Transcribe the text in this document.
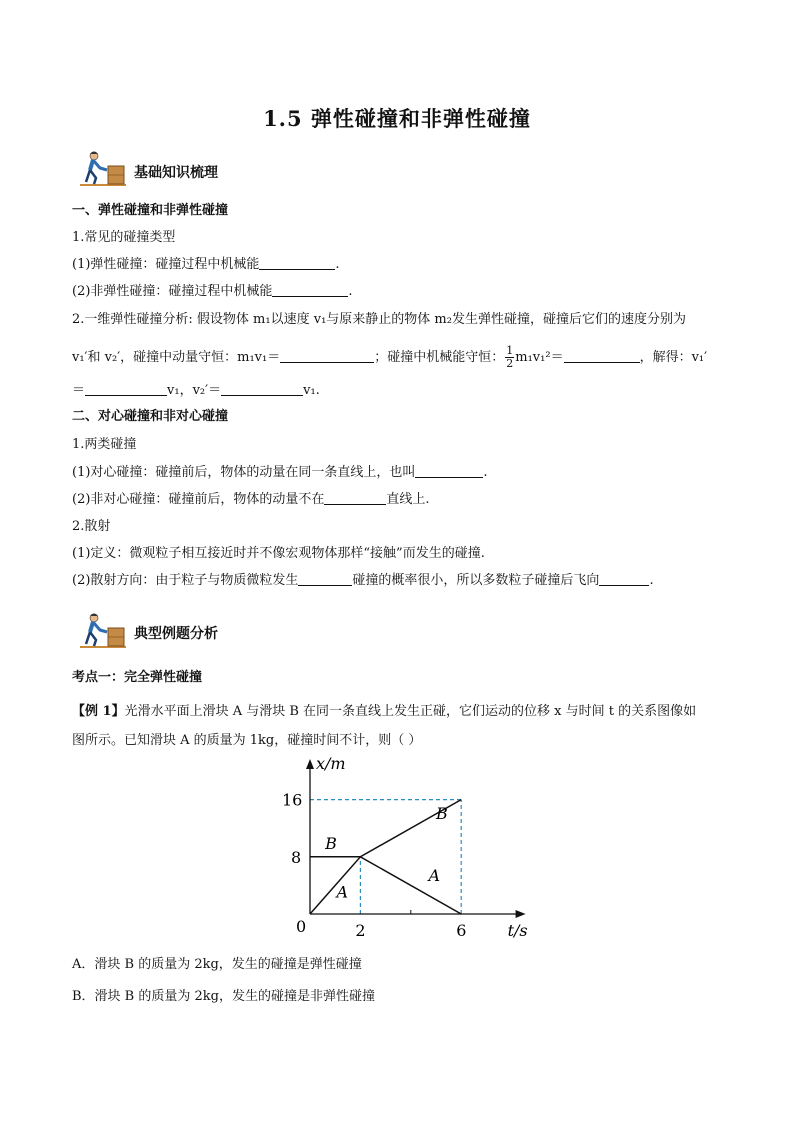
1.5 弹性碰撞和非弹性碰撞
基础知识梳理
一、弹性碰撞和非弹性碰撞
1.常见的碰撞类型
(1)弹性碰撞：碰撞过程中机械能	.
(2)非弹性碰撞：碰撞过程中机械能	.
2.一维弹性碰撞分析: 假设物体 m₁以速度 v₁与原来静止的物体 m₂发生弹性碰撞，碰撞后它们的速度分别为
v₁′和 v₂′，碰撞中动量守恒：m₁v₁＝	；碰撞中机械能守恒： $\frac{1}{2} m_1v_1^2=$	，解得：v₁′
＝	v₁，v₂′＝	v₁.
二、对心碰撞和非对心碰撞
1.两类碰撞
(1)对心碰撞：碰撞前后，物体的动量在同一条直线上，也叫	.
(2)非对心碰撞：碰撞前后，物体的动量不在	直线上.
2.散射
(1)定义：微观粒子相互接近时并不像宏观物体那样“接触”而发生的碰撞.
(2)散射方向：由于粒子与物质微粒发生	碰撞的概率很小，所以多数粒子碰撞后飞向	.
典型例题分析
考点一：完全弹性碰撞
【例 1】光滑水平面上滑块 A 与滑块 B 在同一条直线上发生正碰，它们运动的位移 x 与时间 t 的关系图像如
图所示。已知滑块 A 的质量为 1kg，碰撞时间不计，则（ ）
x/m
t/s
0	2	6
8
16
B
B
A
A
A．滑块 B 的质量为 2kg，发生的碰撞是弹性碰撞
B．滑块 B 的质量为 2kg，发生的碰撞是非弹性碰撞
